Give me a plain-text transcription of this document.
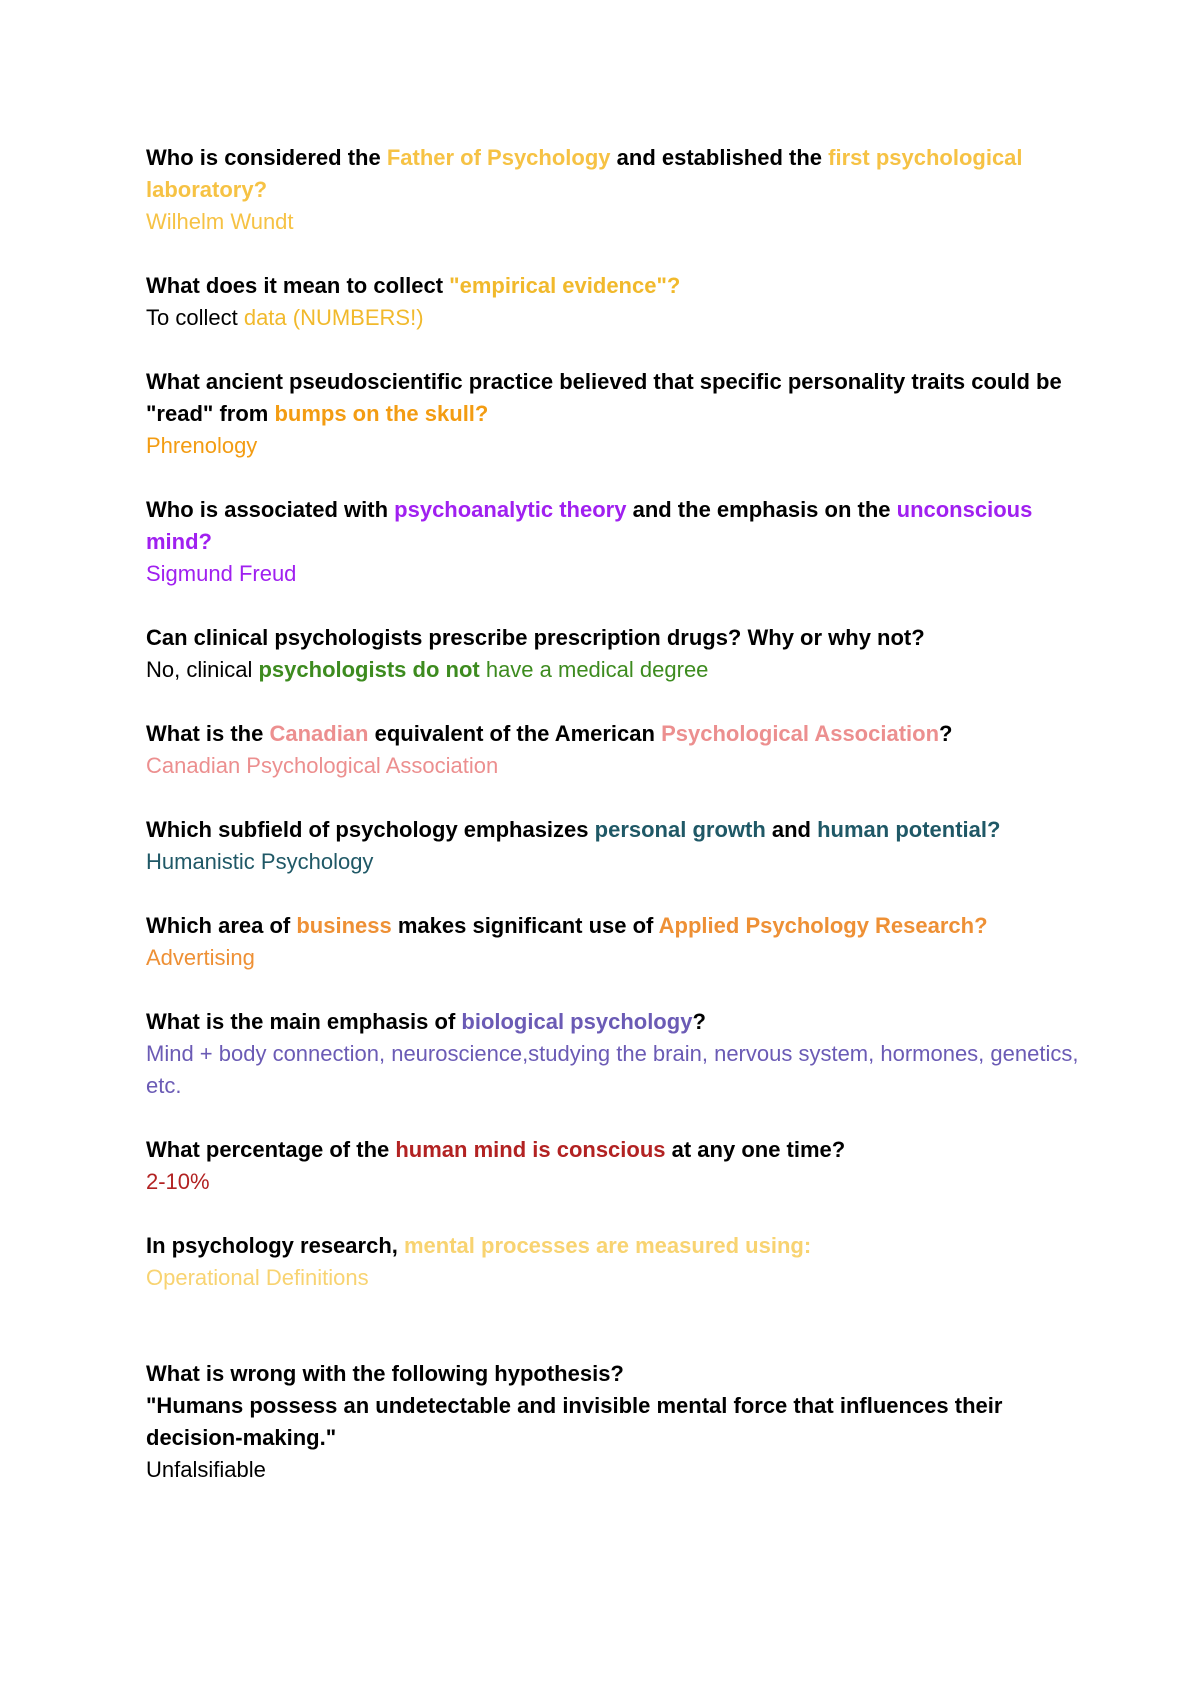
Who is considered the Father of Psychology and established the first psychological laboratory?

Wilhelm Wundt

What does it mean to collect "empirical evidence"?

To collect data (NUMBERS!)

What ancient pseudoscientific practice believed that specific personality traits could be "read" from bumps on the skull?

Phrenology

Who is associated with psychoanalytic theory and the emphasis on the unconscious mind?

Sigmund Freud

Can clinical psychologists prescribe prescription drugs? Why or why not?

No, clinical psychologists do not have a medical degree

What is the Canadian equivalent of the American Psychological Association?

Canadian Psychological Association

Which subfield of psychology emphasizes personal growth and human potential?

Humanistic Psychology

Which area of business makes significant use of Applied Psychology Research?

Advertising

What is the main emphasis of biological psychology?

Mind + body connection, neuroscience,studying the brain, nervous system, hormones, genetics, etc.

What percentage of the human mind is conscious at any one time?

2-10%

In psychology research, mental processes are measured using:

Operational Definitions

What is wrong with the following hypothesis?

"Humans possess an undetectable and invisible mental force that influences their decision-making."

Unfalsifiable
